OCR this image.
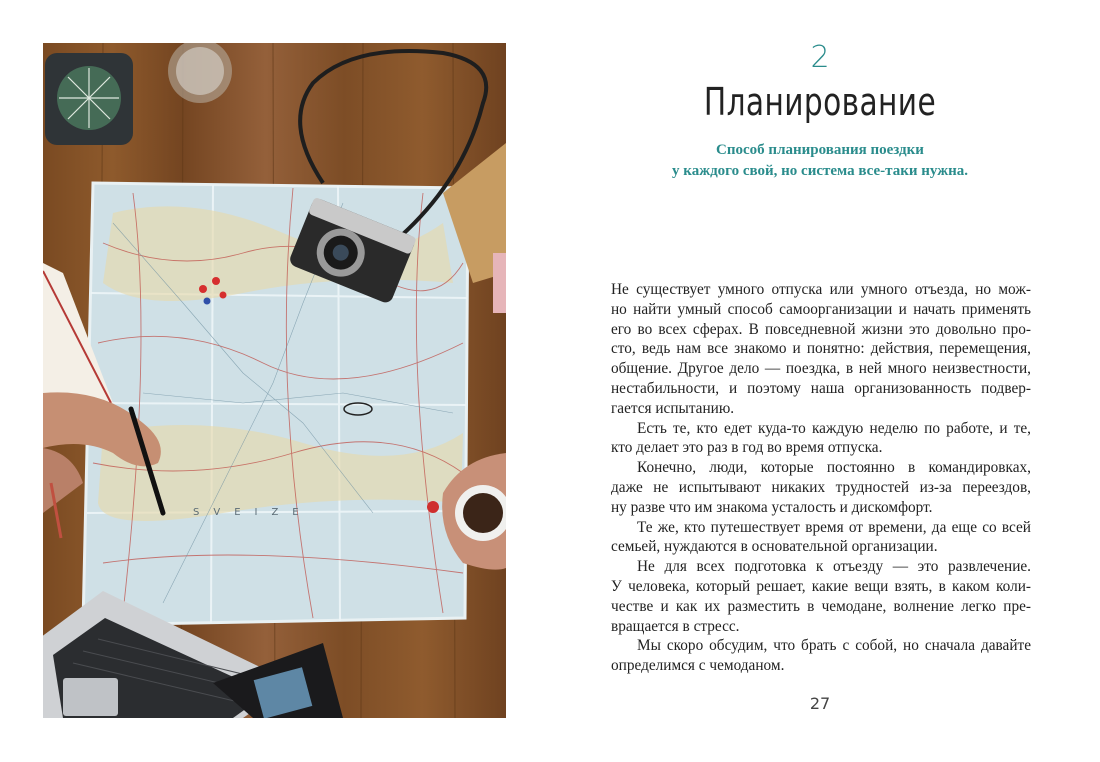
SVEIZE
2
Планирование
Способ планирования поездки
у каждого свой, но система все-таки нужна.
Не существует умного отпуска или умного отъезда, но мож-
но найти умный способ самоорганизации и начать применять
его во всех сферах. В повседневной жизни это довольно про-
сто, ведь нам все знакомо и понятно: действия, перемещения,
общение. Другое дело — поездка, в ней много неизвестности,
нестабильности, и поэтому наша организованность подвер-
гается испытанию.
Есть те, кто едет куда-то каждую неделю по работе, и те,
кто делает это раз в год во время отпуска.
Конечно, люди, которые постоянно в командировках,
даже не испытывают никаких трудностей из-за переездов,
ну разве что им знакома усталость и дискомфорт.
Те же, кто путешествует время от времени, да еще со всей
семьей, нуждаются в основательной организации.
Не для всех подготовка к отъезду — это развлечение.
У человека, который решает, какие вещи взять, в каком коли-
честве и как их разместить в чемодане, волнение легко пре-
вращается в стресс.
Мы скоро обсудим, что брать с собой, но сначала давайте
определимся с чемоданом.
27
